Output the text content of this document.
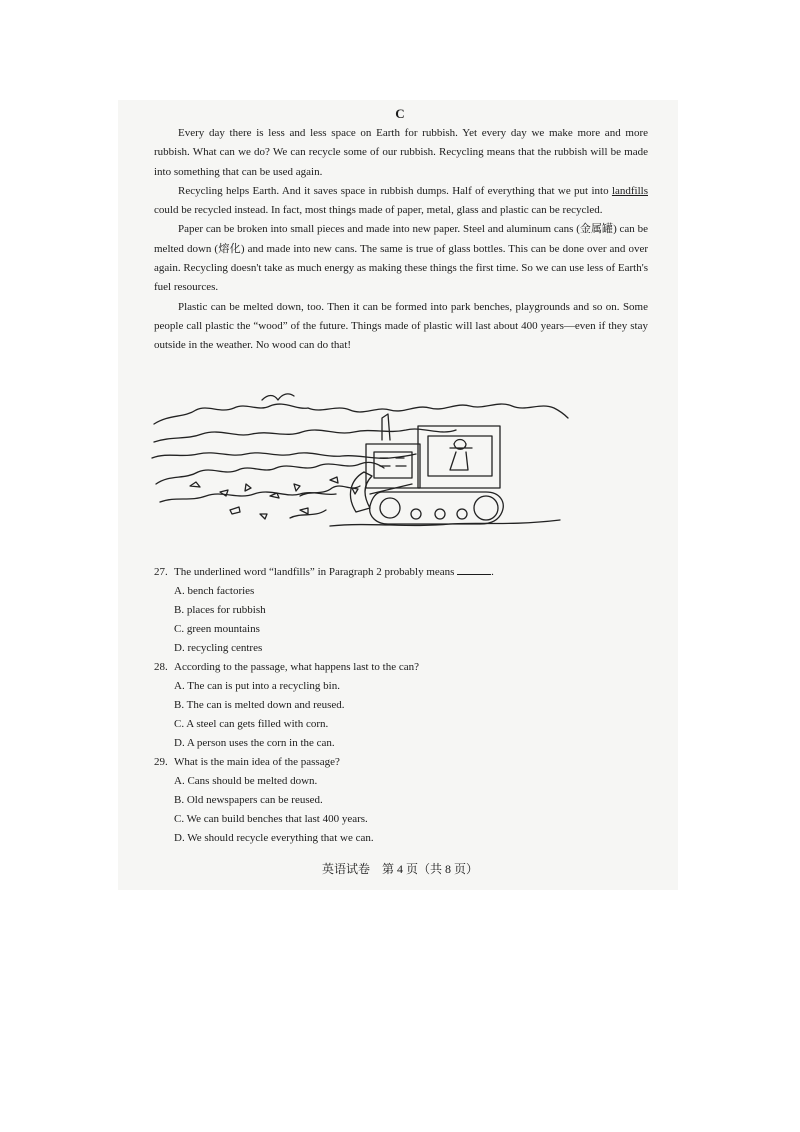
C

Every day there is less and less space on Earth for rubbish. Yet every day we make more and more rubbish. What can we do? We can recycle some of our rubbish. Recycling means that the rubbish will be made into something that can be used again.

Recycling helps Earth. And it saves space in rubbish dumps. Half of everything that we put into landfills could be recycled instead. In fact, most things made of paper, metal, glass and plastic can be recycled.

Paper can be broken into small pieces and made into new paper. Steel and aluminum cans (金属罐) can be melted down (熔化) and made into new cans. The same is true of glass bottles. This can be done over and over again. Recycling doesn't take as much energy as making these things the first time. So we can use less of Earth's fuel resources.

Plastic can be melted down, too. Then it can be formed into park benches, playgrounds and so on. Some people call plastic the “wood” of the future. Things made of plastic will last about 400 years—even if they stay outside in the weather. No wood can do that!

27. The underlined word “landfills” in Paragraph 2 probably means	.
A. bench factories
B. places for rubbish
C. green mountains
D. recycling centres
28. According to the passage, what happens last to the can?
A. The can is put into a recycling bin.
B. The can is melted down and reused.
C. A steel can gets filled with corn.
D. A person uses the corn in the can.
29. What is the main idea of the passage?
A. Cans should be melted down.
B. Old newspapers can be reused.
C. We can build benches that last 400 years.
D. We should recycle everything that we can.
英语试卷　第 4 页（共 8 页）
